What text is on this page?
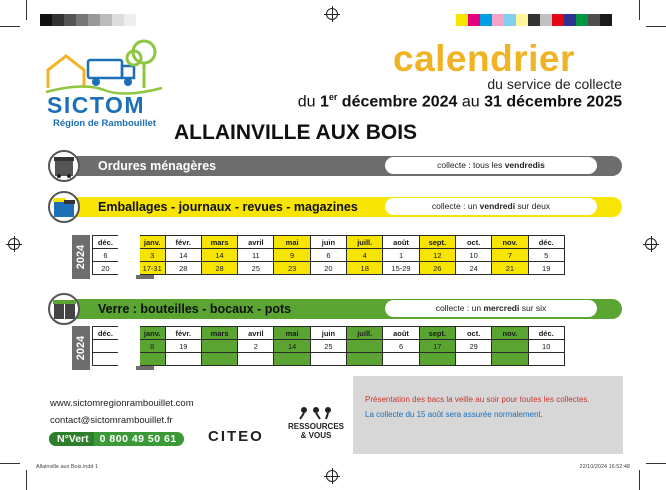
SICTOM
Région de Rambouillet
calendrier
du service de collecte
du 1er décembre 2024 au 31 décembre 2025
ALLAINVILLE AUX BOIS
Ordures ménagères	collecte : tous les vendredis
Emballages - journaux - revues - magazines	collecte : un vendredi sur deux
2024
déc.	janv.	févr.	mars	avril	mai	juin	juill.	août	sept.	oct.	nov.	déc.
6	3	14	14	11	9	6	4	1	12	10	7	5
20	17-31	28	28	25	23	20	18	15-29	26	24	21	19
Verre : bouteilles - bocaux - pots	collecte : un mercredi sur six
2024
déc.	janv.	févr.	mars	avril	mai	juin	juill.	août	sept.	oct.	nov.	déc.
	8	19		2	14	25		6	17	29		10

www.sictomregionrambouillet.com
contact@sictomrambouillet.fr
N°Vert	0 800 49 50 61 CITEO
RESSOURCES
& VOUS
Présentation des bacs la veille au soir pour toutes les collectes.
La collecte du 15 août sera assurée normalement.
Allainville aux Bois.indd 1	22/10/2024 16:52:48
